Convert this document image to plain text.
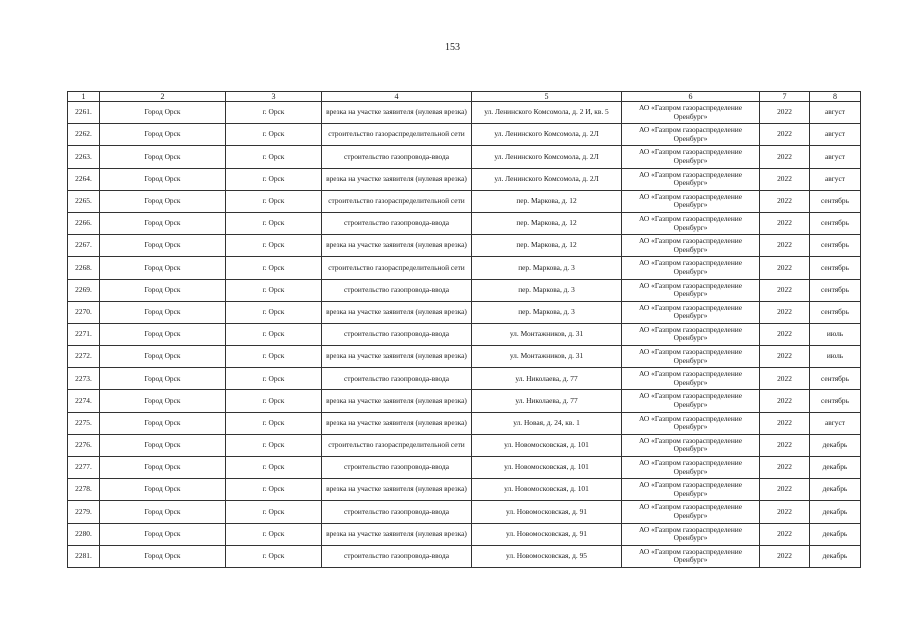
153
1	2	3	4	5	6	7	8
2261.	Город Орск	г. Орск	врезка на участке заявителя (нулевая врезка)	ул. Ленинского Комсомола, д. 2 И, кв. 5	АО «Газпром газораспределение Оренбург»	2022	август
2262.	Город Орск	г. Орск	строительство газораспределительной сети	ул. Ленинского Комсомола, д. 2Л	АО «Газпром газораспределение Оренбург»	2022	август
2263.	Город Орск	г. Орск	строительство газопровода-ввода	ул. Ленинского Комсомола, д. 2Л	АО «Газпром газораспределение Оренбург»	2022	август
2264.	Город Орск	г. Орск	врезка на участке заявителя (нулевая врезка)	ул. Ленинского Комсомола, д. 2Л	АО «Газпром газораспределение Оренбург»	2022	август
2265.	Город Орск	г. Орск	строительство газораспределительной сети	пер. Маркова, д. 12	АО «Газпром газораспределение Оренбург»	2022	сентябрь
2266.	Город Орск	г. Орск	строительство газопровода-ввода	пер. Маркова, д. 12	АО «Газпром газораспределение Оренбург»	2022	сентябрь
2267.	Город Орск	г. Орск	врезка на участке заявителя (нулевая врезка)	пер. Маркова, д. 12	АО «Газпром газораспределение Оренбург»	2022	сентябрь
2268.	Город Орск	г. Орск	строительство газораспределительной сети	пер. Маркова, д. 3	АО «Газпром газораспределение Оренбург»	2022	сентябрь
2269.	Город Орск	г. Орск	строительство газопровода-ввода	пер. Маркова, д. 3	АО «Газпром газораспределение Оренбург»	2022	сентябрь
2270.	Город Орск	г. Орск	врезка на участке заявителя (нулевая врезка)	пер. Маркова, д. 3	АО «Газпром газораспределение Оренбург»	2022	сентябрь
2271.	Город Орск	г. Орск	строительство газопровода-ввода	ул. Монтажников, д. 31	АО «Газпром газораспределение Оренбург»	2022	июль
2272.	Город Орск	г. Орск	врезка на участке заявителя (нулевая врезка)	ул. Монтажников, д. 31	АО «Газпром газораспределение Оренбург»	2022	июль
2273.	Город Орск	г. Орск	строительство газопровода-ввода	ул. Николаева, д. 77	АО «Газпром газораспределение Оренбург»	2022	сентябрь
2274.	Город Орск	г. Орск	врезка на участке заявителя (нулевая врезка)	ул. Николаева, д. 77	АО «Газпром газораспределение Оренбург»	2022	сентябрь
2275.	Город Орск	г. Орск	врезка на участке заявителя (нулевая врезка)	ул. Новая, д. 24, кв. 1	АО «Газпром газораспределение Оренбург»	2022	август
2276.	Город Орск	г. Орск	строительство газораспределительной сети	ул. Новомосковская, д. 101	АО «Газпром газораспределение Оренбург»	2022	декабрь
2277.	Город Орск	г. Орск	строительство газопровода-ввода	ул. Новомосковская, д. 101	АО «Газпром газораспределение Оренбург»	2022	декабрь
2278.	Город Орск	г. Орск	врезка на участке заявителя (нулевая врезка)	ул. Новомосковская, д. 101	АО «Газпром газораспределение Оренбург»	2022	декабрь
2279.	Город Орск	г. Орск	строительство газопровода-ввода	ул. Новомосковская, д. 91	АО «Газпром газораспределение Оренбург»	2022	декабрь
2280.	Город Орск	г. Орск	врезка на участке заявителя (нулевая врезка)	ул. Новомосковская, д. 91	АО «Газпром газораспределение Оренбург»	2022	декабрь
2281.	Город Орск	г. Орск	строительство газопровода-ввода	ул. Новомосковская, д. 95	АО «Газпром газораспределение Оренбург»	2022	декабрь
